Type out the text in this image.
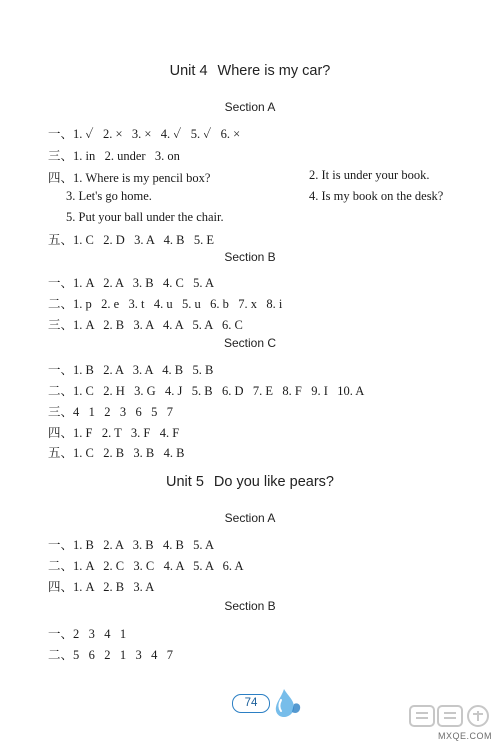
Unit 4 Where is my car?
Section A
一、1. ✓   2. ×   3. ×   4. ✓   5. ✓   6. ×
三、1. in   2. under   3. on
四、1. Where is my pencil box?	2. It is under your book.
3. Let's go home.	4. Is my book on the desk?
5. Put your ball under the chair.
五、1. C   2. D   3. A   4. B   5. E
Section B
一、1. A   2. A   3. B   4. C   5. A
二、1. p   2. e   3. t   4. u   5. u   6. b   7. x   8. i
三、1. A   2. B   3. A   4. A   5. A   6. C
Section C
一、1. B   2. A   3. A   4. B   5. B
二、1. C   2. H   3. G   4. J   5. B   6. D   7. E   8. F   9. I   10. A
三、4   1   2   3   6   5   7
四、1. F   2. T   3. F   4. F
五、1. C   2. B   3. B   4. B
Unit 5 Do you like pears?
Section A
一、1. B   2. A   3. B   4. B   5. A
二、1. A   2. C   3. C   4. A   5. A   6. A
四、1. A   2. B   3. A
Section B
一、2   3   4   1
二、5   6   2   1   3   4   7
74
MXQE.COM
